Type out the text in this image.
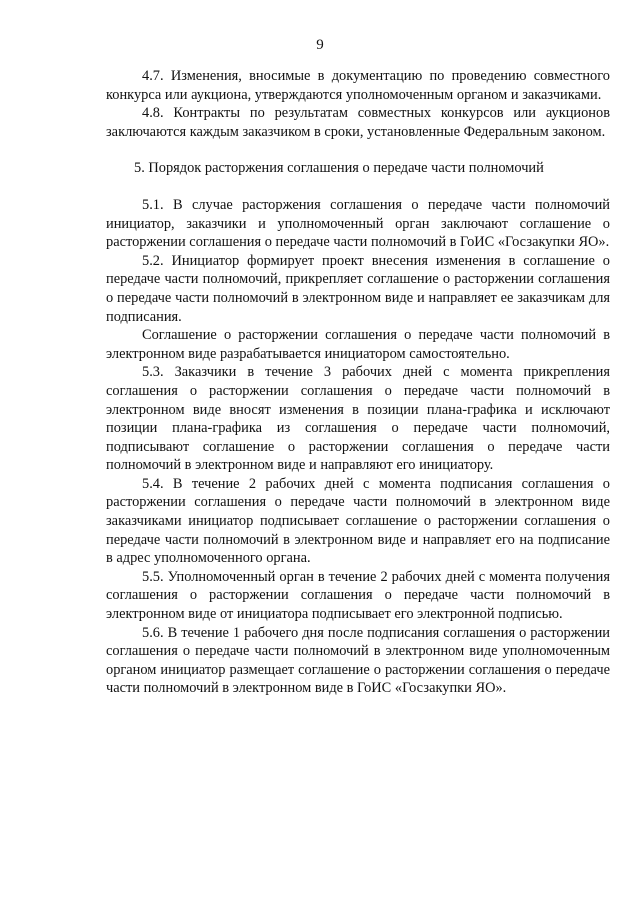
9

4.7. Изменения, вносимые в документацию по проведению совместного конкурса или аукциона, утверждаются уполномоченным органом и заказчиками.

4.8. Контракты по результатам совместных конкурсов или аукционов заключаются каждым заказчиком в сроки, установленные Федеральным законом.

5. Порядок расторжения соглашения о передаче части полномочий

5.1. В случае расторжения соглашения о передаче части полномочий инициатор, заказчики и уполномоченный орган заключают соглашение о расторжении соглашения о передаче части полномочий в ГоИС «Госзакупки ЯО».

5.2. Инициатор формирует проект внесения изменения в соглашение о передаче части полномочий, прикрепляет соглашение о расторжении соглашения о передаче части полномочий в электронном виде и направляет ее заказчикам для подписания.

Соглашение о расторжении соглашения о передаче части полномочий в электронном виде разрабатывается инициатором самостоятельно.

5.3. Заказчики в течение 3 рабочих дней с момента прикрепления соглашения о расторжении соглашения о передаче части полномочий в электронном виде вносят изменения в позиции плана-графика и исключают позиции плана-графика из соглашения о передаче части полномочий, подписывают соглашение о расторжении соглашения о передаче части полномочий в электронном виде и направляют его инициатору.

5.4. В течение 2 рабочих дней с момента подписания соглашения о расторжении соглашения о передаче части полномочий в электронном виде заказчиками инициатор подписывает соглашение о расторжении соглашения о передаче части полномочий в электронном виде и направляет его на подписание в адрес уполномоченного органа.

5.5. Уполномоченный орган в течение 2 рабочих дней с момента получения соглашения о расторжении соглашения о передаче части полномочий в электронном виде от инициатора подписывает его электронной подписью.

5.6. В течение 1 рабочего дня после подписания соглашения о расторжении соглашения о передаче части полномочий в электронном виде уполномоченным органом инициатор размещает соглашение о расторжении соглашения о передаче части полномочий в электронном виде в ГоИС «Госзакупки ЯО».
